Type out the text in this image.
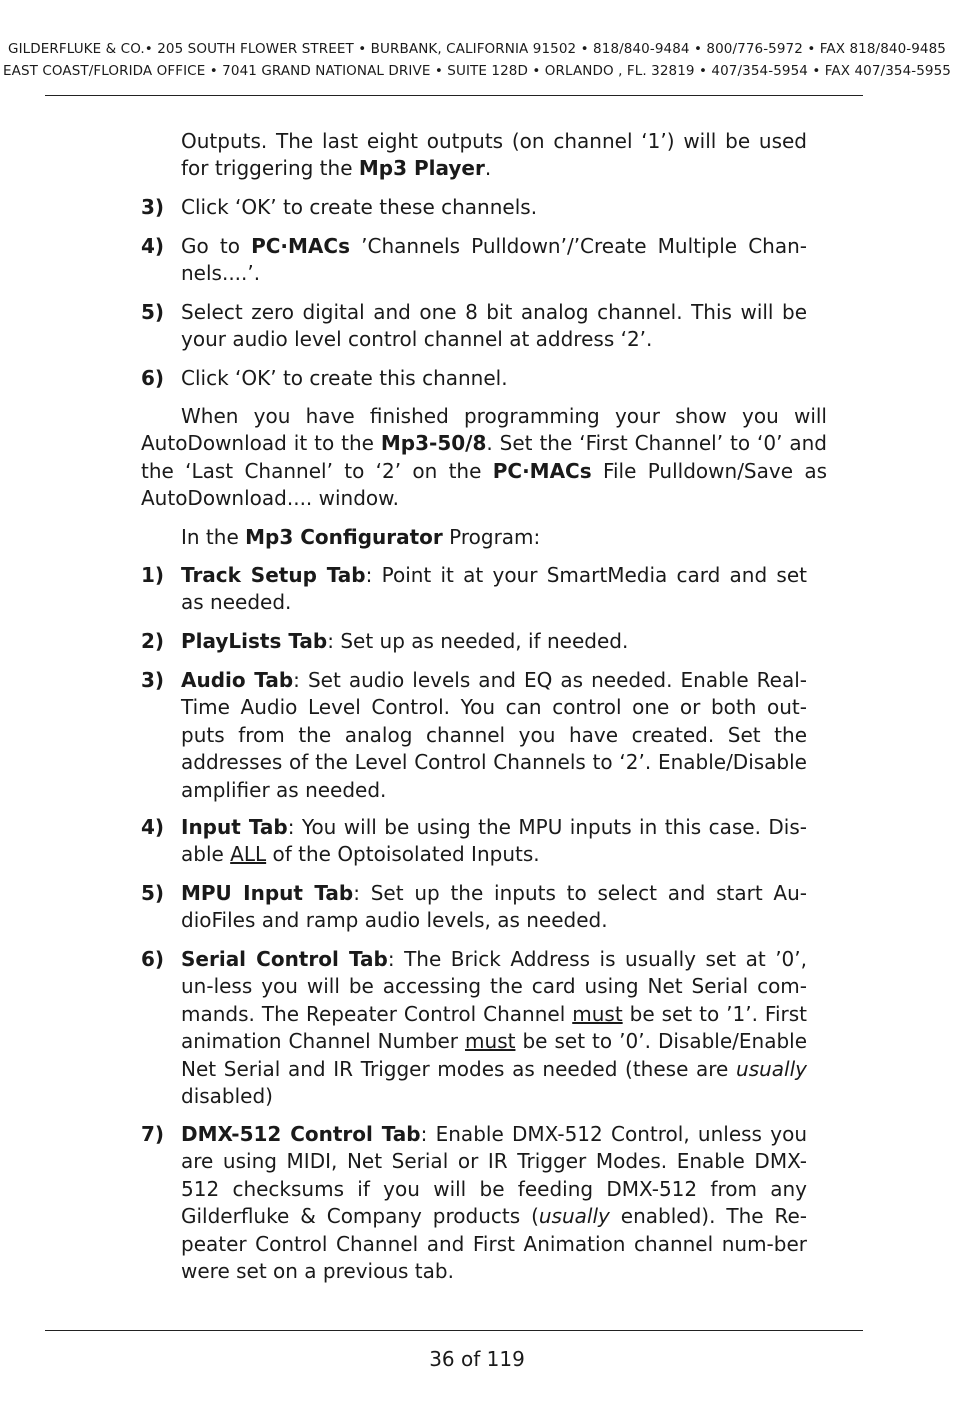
GILDERFLUKE & CO.• 205 SOUTH FLOWER STREET • BURBANK, CALIFORNIA 91502 • 818/840-9484 • 800/776-5972 • FAX 818/840-9485
EAST COAST/FLORIDA OFFICE • 7041 GRAND NATIONAL DRIVE • SUITE 128D • ORLANDO , FL. 32819 • 407/354-5954 • FAX 407/354-5955

Outputs. The last eight outputs (on channel ‘1’) will be used for triggering the Mp3 Player.

3) Click ‘OK’ to create these channels.

4) Go to PC·MACs ’Channels Pulldown’/’Create Multiple Chan-nels....’.

5) Select zero digital and one 8 bit analog channel. This will be your audio level control channel at address ‘2’.

6) Click ‘OK’ to create this channel.

When you have finished programming your show you will AutoDownload it to the Mp3-50/8. Set the ‘First Channel’ to ‘0’ and the ‘Last Channel’ to ‘2’ on the PC·MACs File Pulldown/Save as AutoDownload.... window.

In the Mp3 Configurator Program:

1) Track Setup Tab: Point it at your SmartMedia card and set as needed.

2) PlayLists Tab: Set up as needed, if needed.

3) Audio Tab: Set audio levels and EQ as needed. Enable Real-Time Audio Level Control. You can control one or both out-puts from the analog channel you have created. Set the addresses of the Level Control Channels to ‘2’. Enable/Disable amplifier as needed.

4) Input Tab: You will be using the MPU inputs in this case. Dis-able ALL of the Optoisolated Inputs.

5) MPU Input Tab: Set up the inputs to select and start Au-dioFiles and ramp audio levels, as needed.

6) Serial Control Tab: The Brick Address is usually set at ’0’, un-less you will be accessing the card using Net Serial com-mands. The Repeater Control Channel must be set to ’1’. First animation Channel Number must be set to ’0’. Disable/Enable Net Serial and IR Trigger modes as needed (these are usually disabled)

7) DMX-512 Control Tab: Enable DMX-512 Control, unless you are using MIDI, Net Serial or IR Trigger Modes. Enable DMX-512 checksums if you will be feeding DMX-512 from any Gilderfluke & Company products (usually enabled). The Re-peater Control Channel and First Animation channel num-ber were set on a previous tab.

36 of 119
